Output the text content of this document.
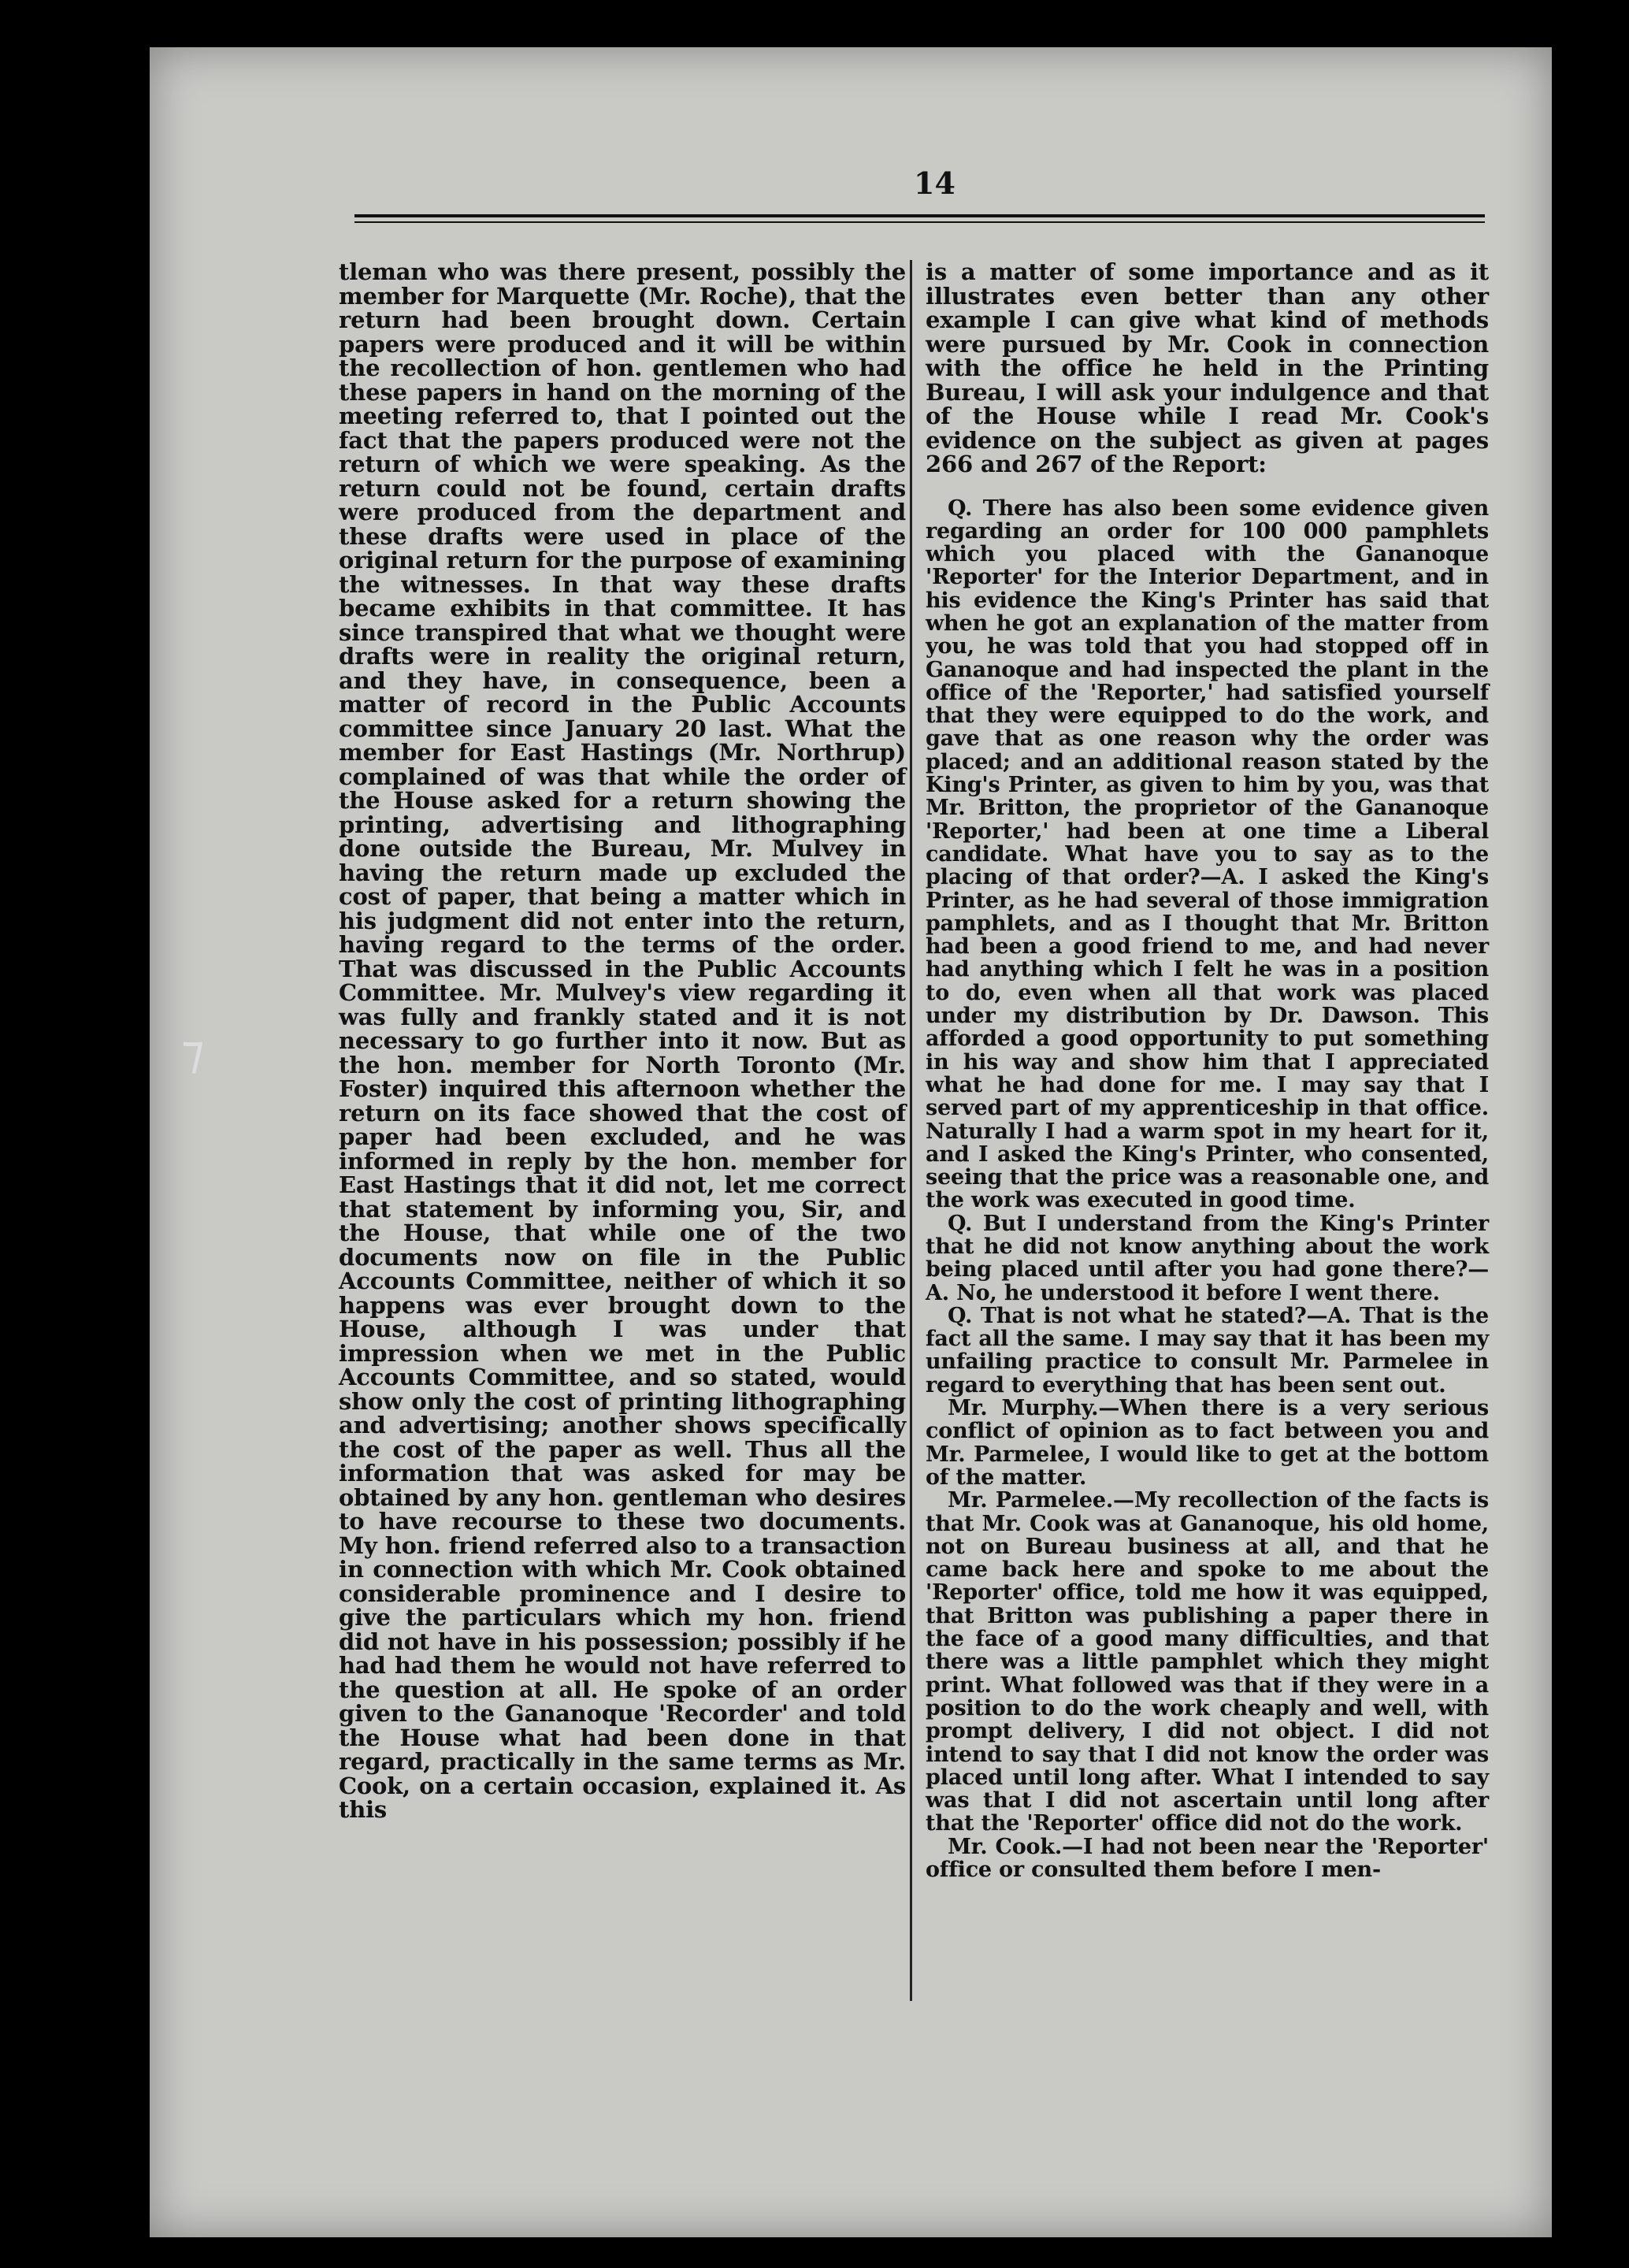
⁊
14

tleman who was there present, possibly the member for Marquette (Mr. Roche), that the return had been brought down. Certain papers were produced and it will be within the recollection of hon. gentlemen who had these papers in hand on the morning of the meeting referred to, that I pointed out the fact that the papers produced were not the return of which we were speaking. As the return could not be found, certain drafts were produced from the department and these drafts were used in place of the original return for the purpose of examining the witnesses. In that way these drafts became exhibits in that committee. It has since transpired that what we thought were drafts were in reality the original return, and they have, in consequence, been a matter of record in the Public Accounts committee since January 20 last. What the member for East Hastings (Mr. Northrup) complained of was that while the order of the House asked for a return showing the printing, advertising and lithographing done outside the Bureau, Mr. Mulvey in having the return made up excluded the cost of paper, that being a matter which in his judgment did not enter into the return, having regard to the terms of the order. That was discussed in the Public Accounts Committee. Mr. Mulvey's view regarding it was fully and frankly stated and it is not necessary to go further into it now. But as the hon. member for North Toronto (Mr. Foster) inquired this afternoon whether the return on its face showed that the cost of paper had been excluded, and he was informed in reply by the hon. member for East Hastings that it did not, let me correct that statement by informing you, Sir, and the House, that while one of the two documents now on file in the Public Accounts Committee, neither of which it so happens was ever brought down to the House, although I was under that impression when we met in the Public Accounts Committee, and so stated, would show only the cost of printing lithographing and advertising; another shows specifically the cost of the paper as well. Thus all the information that was asked for may be obtained by any hon. gentleman who desires to have recourse to these two documents. My hon. friend referred also to a transaction in connection with which Mr. Cook obtained considerable prominence and I desire to give the particulars which my hon. friend did not have in his possession; possibly if he had had them he would not have referred to the question at all. He spoke of an order given to the Gananoque 'Recorder' and told the House what had been done in that regard, practically in the same terms as Mr. Cook, on a certain occasion, explained it. As this

is a matter of some importance and as it illustrates even better than any other example I can give what kind of methods were pursued by Mr. Cook in connection with the office he held in the Printing Bureau, I will ask your indulgence and that of the House while I read Mr. Cook's evidence on the subject as given at pages 266 and 267 of the Report:

Q. There has also been some evidence given regarding an order for 100 000 pamphlets which you placed with the Gananoque 'Reporter' for the Interior Department, and in his evidence the King's Printer has said that when he got an explanation of the matter from you, he was told that you had stopped off in Gananoque and had inspected the plant in the office of the 'Reporter,' had satisfied yourself that they were equipped to do the work, and gave that as one reason why the order was placed; and an additional reason stated by the King's Printer, as given to him by you, was that Mr. Britton, the proprietor of the Gananoque 'Reporter,' had been at one time a Liberal candidate. What have you to say as to the placing of that order?—A. I asked the King's Printer, as he had several of those immigration pamphlets, and as I thought that Mr. Britton had been a good friend to me, and had never had anything which I felt he was in a position to do, even when all that work was placed under my distribution by Dr. Dawson. This afforded a good opportunity to put something in his way and show him that I appreciated what he had done for me. I may say that I served part of my apprenticeship in that office. Naturally I had a warm spot in my heart for it, and I asked the King's Printer, who consented, seeing that the price was a reasonable one, and the work was executed in good time.

Q. But I understand from the King's Printer that he did not know anything about the work being placed until after you had gone there?—A. No, he understood it before I went there.

Q. That is not what he stated?—A. That is the fact all the same. I may say that it has been my unfailing practice to consult Mr. Parmelee in regard to everything that has been sent out.

Mr. Murphy.—When there is a very serious conflict of opinion as to fact between you and Mr. Parmelee, I would like to get at the bottom of the matter.

Mr. Parmelee.—My recollection of the facts is that Mr. Cook was at Gananoque, his old home, not on Bureau business at all, and that he came back here and spoke to me about the 'Reporter' office, told me how it was equipped, that Britton was publishing a paper there in the face of a good many difficulties, and that there was a little pamphlet which they might print. What followed was that if they were in a position to do the work cheaply and well, with prompt delivery, I did not object. I did not intend to say that I did not know the order was placed until long after. What I intended to say was that I did not ascertain until long after that the 'Reporter' office did not do the work.

Mr. Cook.—I had not been near the 'Reporter' office or consulted them before I men-
